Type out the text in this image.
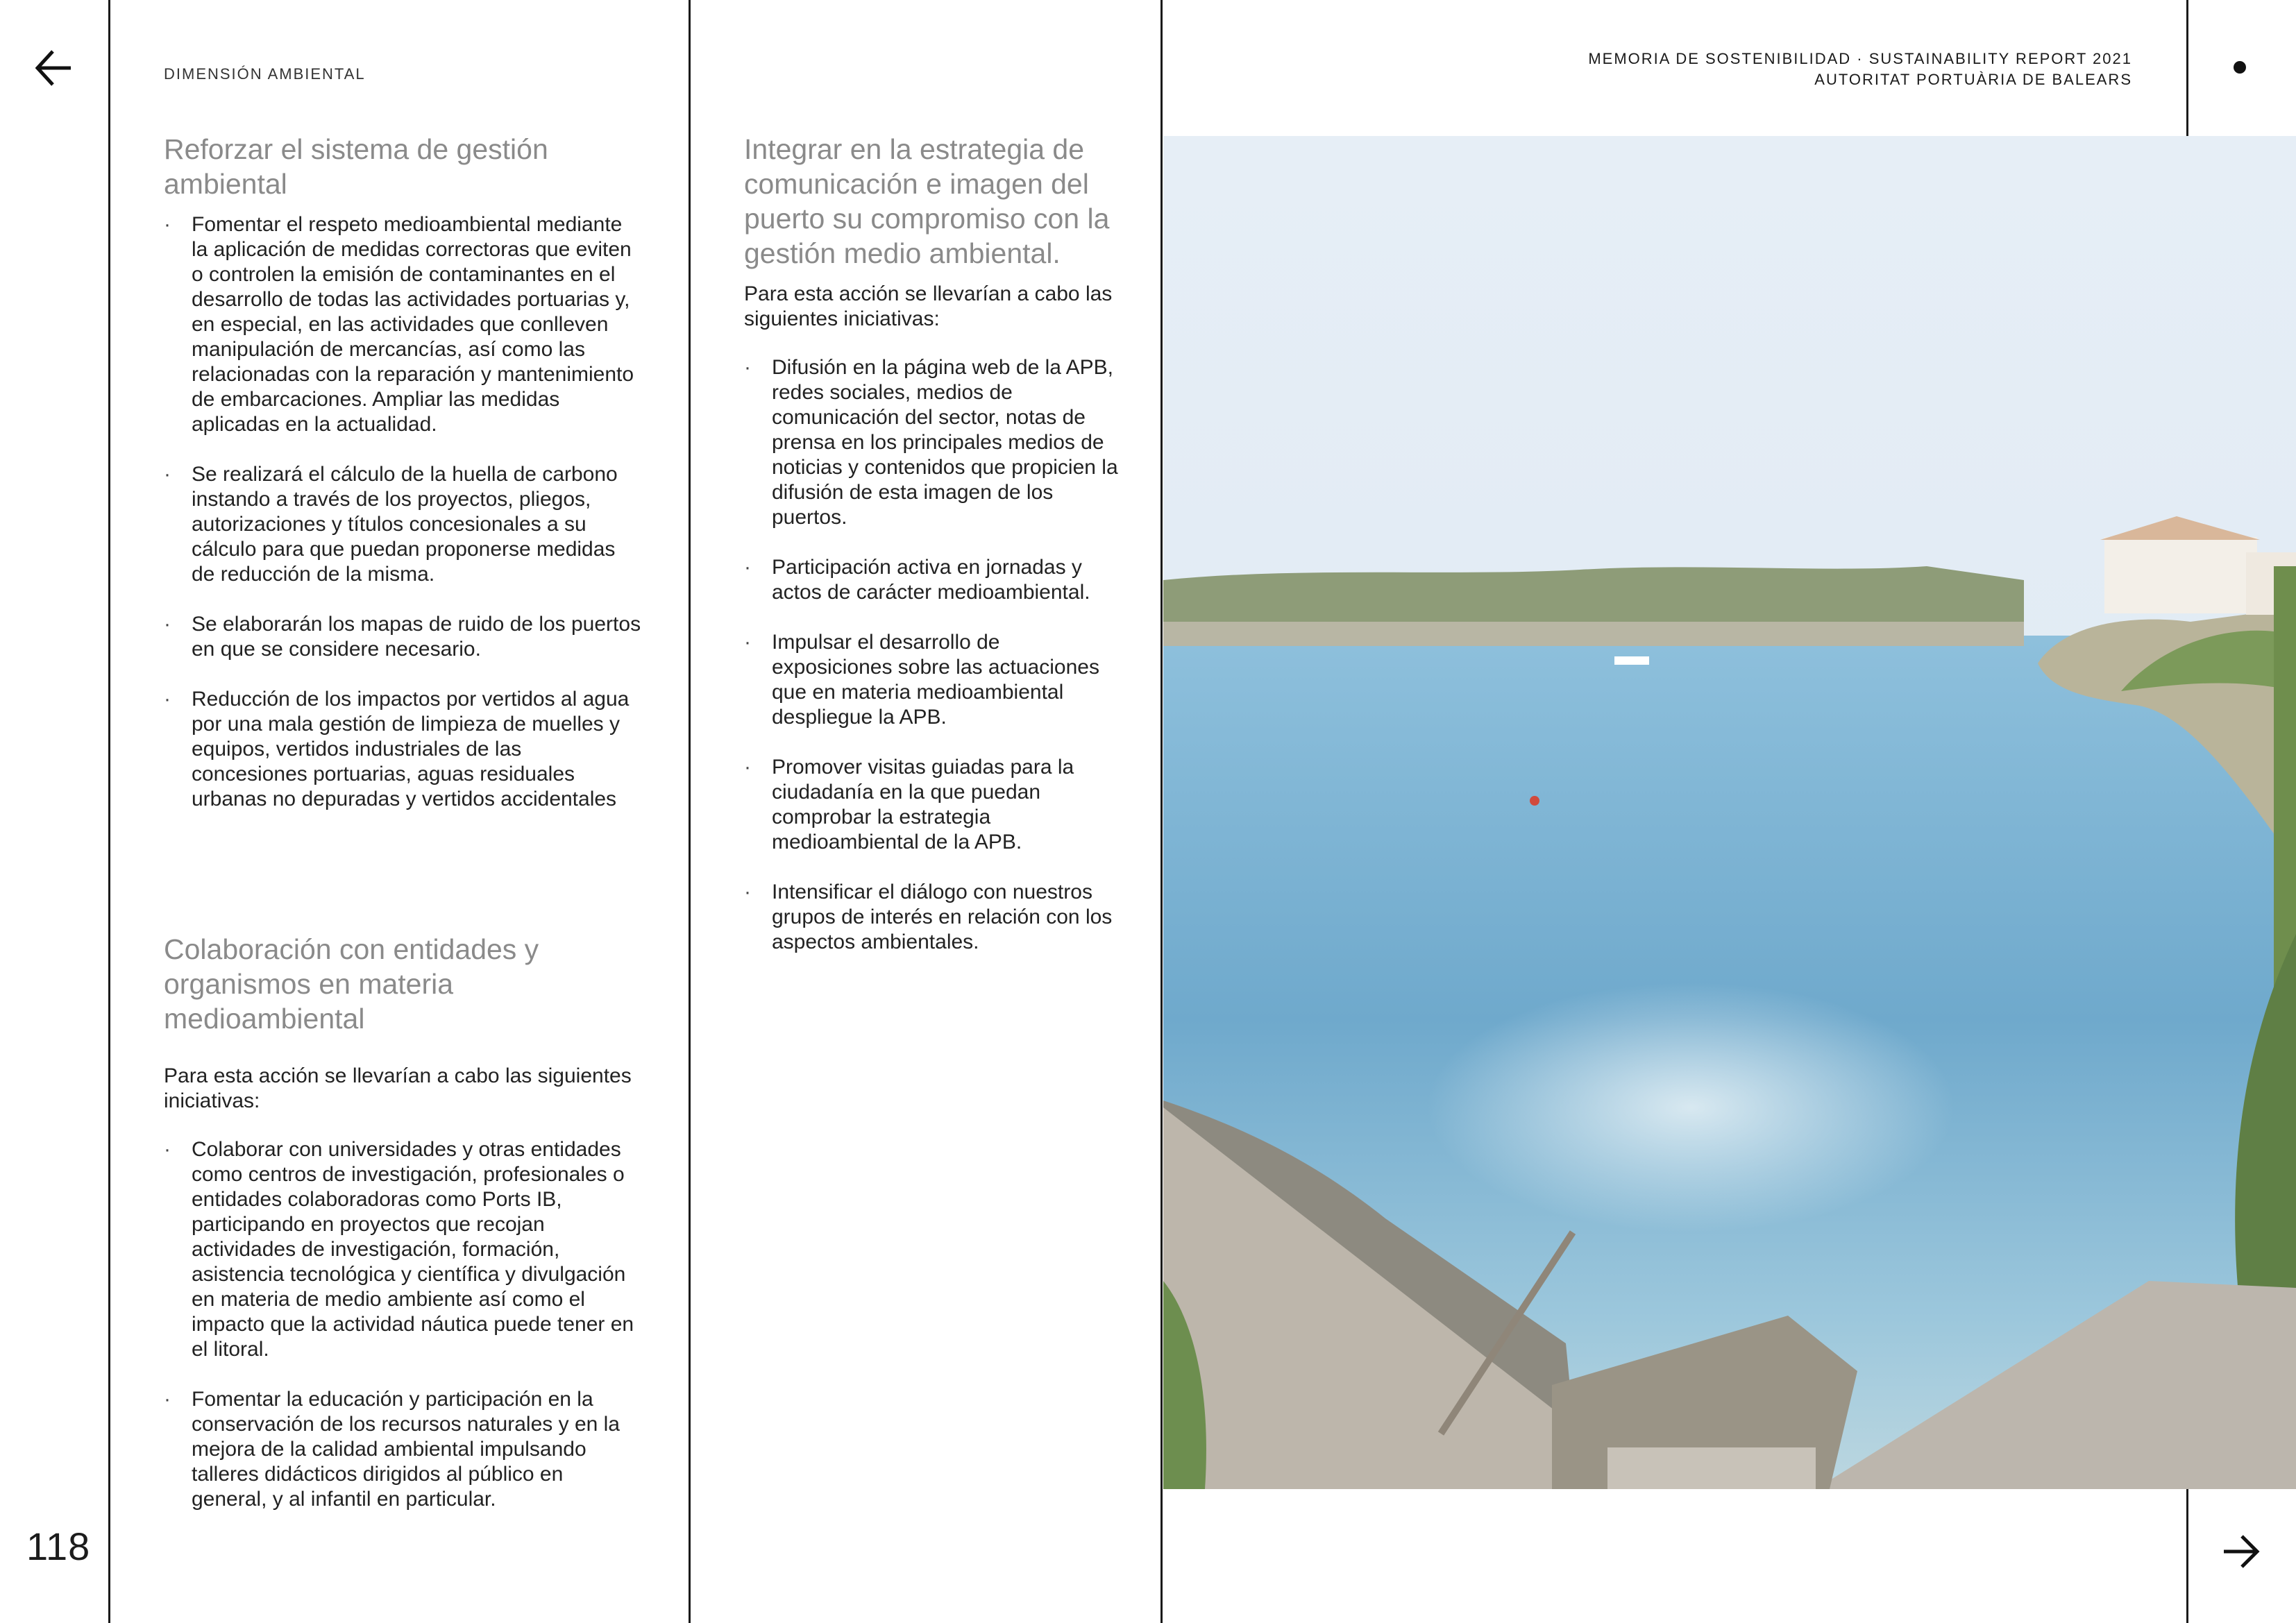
118
DIMENSIÓN AMBIENTAL
MEMORIA DE SOSTENIBILIDAD · SUSTAINABILITY REPORT 2021
AUTORITAT PORTUÀRIA DE BALEARS
Reforzar el sistema de gestión ambiental
· Fomentar el respeto medioambiental mediante la aplicación de medidas correctoras que eviten o controlen la emisión de contaminantes en el desarrollo de todas las actividades portuarias y, en especial, en las actividades que conlleven manipulación de mercancías, así como las relacionadas con la reparación y mantenimiento de embarcaciones. Ampliar las medidas aplicadas en la actualidad.
· Se realizará el cálculo de la huella de carbono instando a través de los proyectos, pliegos, autorizaciones y títulos concesionales a su cálculo para que puedan proponerse medidas de reducción de la misma.
· Se elaborarán los mapas de ruido de los puertos en que se considere necesario.
· Reducción de los impactos por vertidos al agua por una mala gestión de limpieza de muelles y equipos, vertidos industriales de las concesiones portuarias, aguas residuales urbanas no depuradas y vertidos accidentales
Colaboración con entidades y organismos en materia medioambiental

Para esta acción se llevarían a cabo las siguientes iniciativas:

· Colaborar con universidades y otras entidades como centros de investigación, profesionales o entidades colaboradoras como Ports IB, participando en proyectos que recojan actividades de investigación, formación, asistencia tecnológica y científica y divulgación en materia de medio ambiente así como el impacto que la actividad náutica puede tener en el litoral.
· Fomentar la educación y participación en la conservación de los recursos naturales y en la mejora de la calidad ambiental impulsando talleres didácticos dirigidos al público en general, y al infantil en particular.
Integrar en la estrategia de comunicación e imagen del puerto su compromiso con la gestión medio ambiental.

Para esta acción se llevarían a cabo las siguientes iniciativas:

· Difusión en la página web de la APB, redes sociales, medios de comunicación del sector, notas de prensa en los principales medios de noticias y contenidos que propicien la difusión de esta imagen de los puertos.
· Participación activa en jornadas y actos de carácter medioambiental.
· Impulsar el desarrollo de exposiciones sobre las actuaciones que en materia medioambiental despliegue la APB.
· Promover visitas guiadas para la ciudadanía en la que puedan comprobar la estrategia medioambiental de la APB.
· Intensificar el diálogo con nuestros grupos de interés en relación con los aspectos ambientales.
